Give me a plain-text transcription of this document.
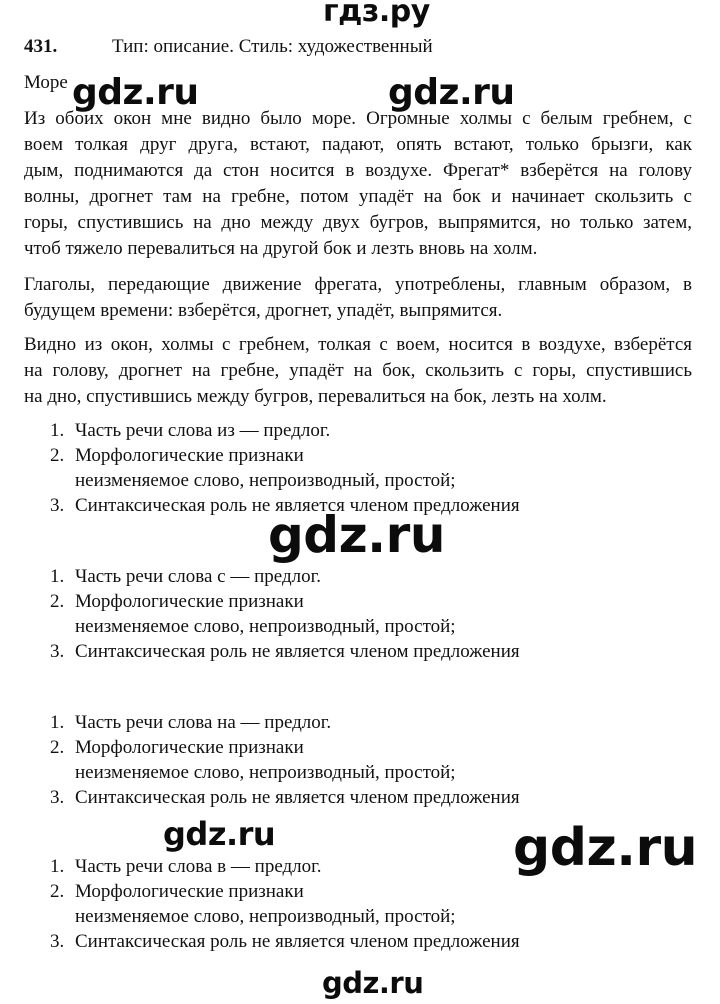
гдз.ру
gdz.ru	gdz.ru
gdz.ru
gdz.ru	gdz.ru
gdz.ru
431.	Тип: описание. Стиль: художественный
Море
Из обоих окон мне видно было море. Огромные холмы с белым гребнем, с
воем толкая друг друга, встают, падают, опять встают, только брызги, как
дым, поднимаются да стон носится в воздухе. Фрегат* взберётся на голову
волны, дрогнет там на гребне, потом упадёт на бок и начинает скользить с
горы, спустившись на дно между двух бугров, выпрямится, но только затем,
чтоб тяжело перевалиться на другой бок и лезть вновь на холм.
Глаголы, передающие движение фрегата, употреблены, главным образом, в
будущем времени: взберётся, дрогнет, упадёт, выпрямится.
Видно из окон, холмы с гребнем, толкая с воем, носится в воздухе, взберётся
на голову, дрогнет на гребне, упадёт на бок, скользить с горы, спустившись
на дно, спустившись между бугров, перевалиться на бок, лезть на холм.
1. Часть речи слова из — предлог.
2. Морфологические признаки
неизменяемое слово, непроизводный, простой;
3. Синтаксическая роль не является членом предложения
1. Часть речи слова с — предлог.
2. Морфологические признаки
неизменяемое слово, непроизводный, простой;
3. Синтаксическая роль не является членом предложения
1. Часть речи слова на — предлог.
2. Морфологические признаки
неизменяемое слово, непроизводный, простой;
3. Синтаксическая роль не является членом предложения
1. Часть речи слова в — предлог.
2. Морфологические признаки
неизменяемое слово, непроизводный, простой;
3. Синтаксическая роль не является членом предложения
